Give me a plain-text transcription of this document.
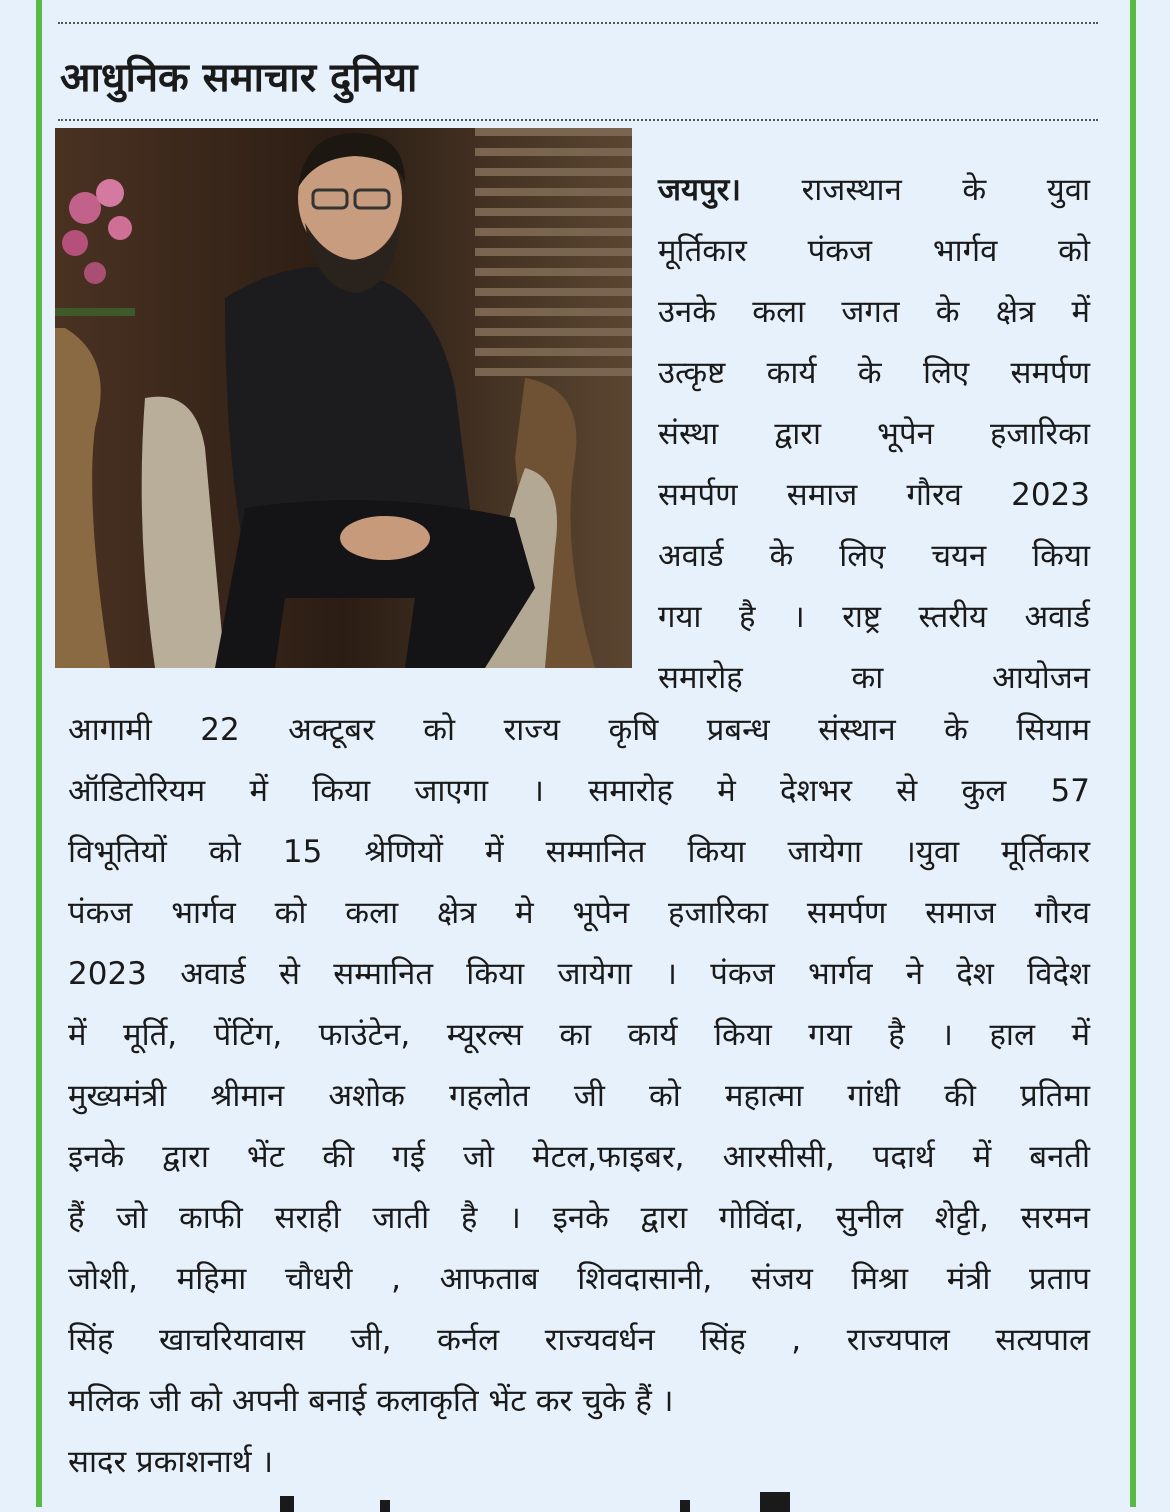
आधुनिक समाचार दुनिया
जयपुर। राजस्थान के युवा
मूर्तिकार पंकज भार्गव को
उनके कला जगत के क्षेत्र में
उत्कृष्ट कार्य के लिए समर्पण
संस्था द्वारा भूपेन हजारिका
समर्पण समाज गौरव 2023
अवार्ड के लिए चयन किया
गया है । राष्ट्र स्तरीय अवार्ड
समारोह का आयोजन
आगामी 22 अक्टूबर को राज्य कृषि प्रबन्ध संस्थान के सियाम
ऑडिटोरियम में किया जाएगा । समारोह मे देशभर से कुल 57
विभूतियों को 15 श्रेणियों में सम्मानित किया जायेगा ।युवा मूर्तिकार
पंकज भार्गव को कला क्षेत्र मे भूपेन हजारिका समर्पण समाज गौरव
2023 अवार्ड से सम्मानित किया जायेगा । पंकज भार्गव ने देश विदेश
में मूर्ति, पेंटिंग, फाउंटेन, म्यूरल्स का कार्य किया गया है । हाल में
मुख्यमंत्री श्रीमान अशोक गहलोत जी को महात्मा गांधी की प्रतिमा
इनके द्वारा भेंट की गई जो मेटल,फाइबर, आरसीसी, पदार्थ में बनती
हैं जो काफी सराही जाती है । इनके द्वारा गोविंदा, सुनील शेट्टी, सरमन
जोशी, महिमा चौधरी , आफताब शिवदासानी, संजय मिश्रा मंत्री प्रताप
सिंह खाचरियावास जी, कर्नल राज्यवर्धन सिंह , राज्यपाल सत्यपाल
मलिक जी को अपनी बनाई कलाकृति भेंट कर चुके हैं ।
सादर प्रकाशनार्थ ।
